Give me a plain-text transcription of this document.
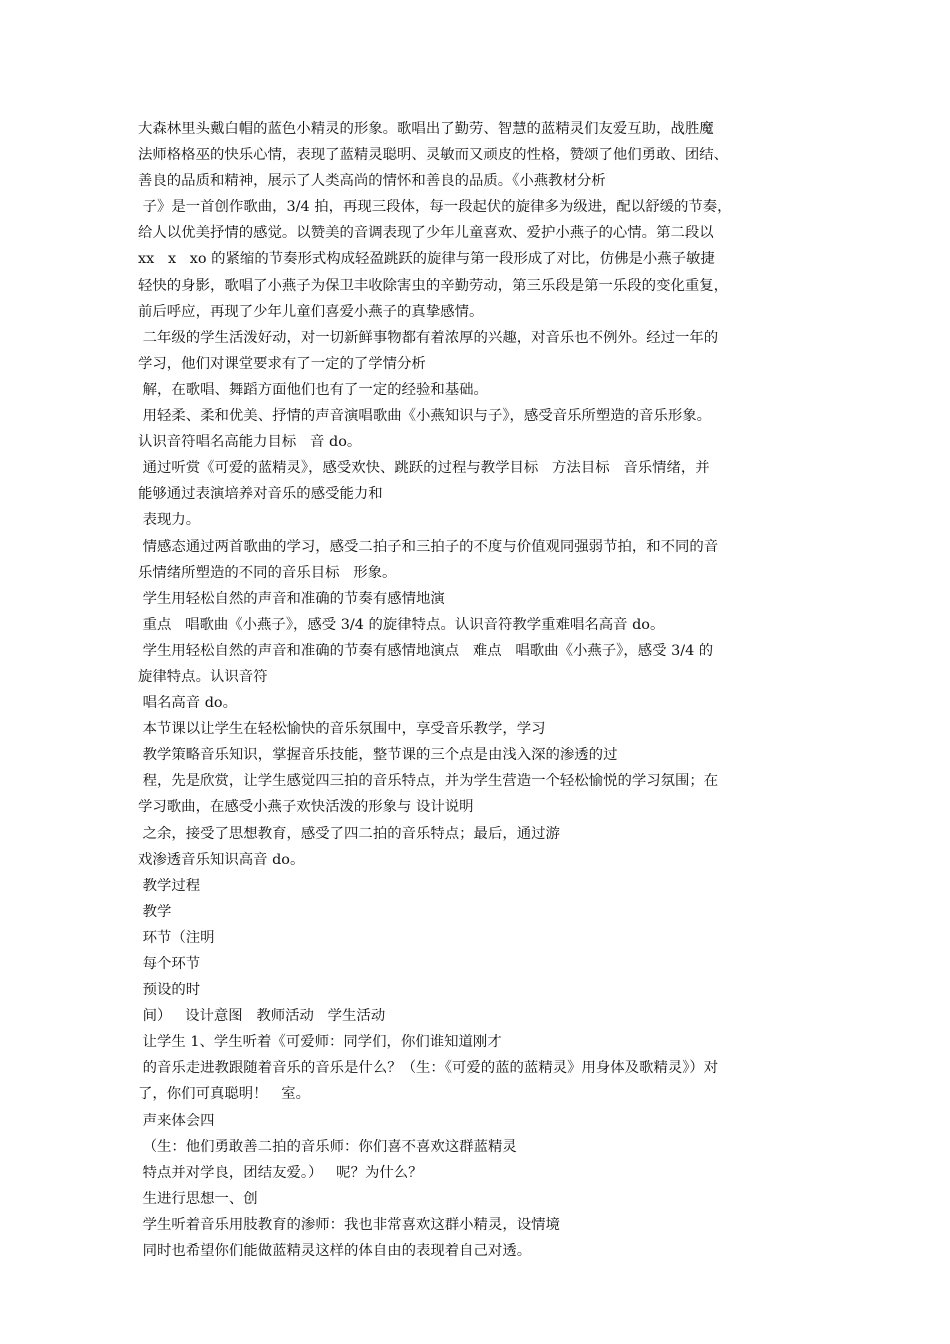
大森林里头戴白帽的蓝色小精灵的形象。歌唱出了勤劳、智慧的蓝精灵们友爱互助，战胜魔
法师格格巫的快乐心情，表现了蓝精灵聪明、灵敏而又顽皮的性格，赞颂了他们勇敢、团结、
善良的品质和精神，展示了人类高尚的情怀和善良的品质。《小燕教材分析
子》是一首创作歌曲，3/4 拍，再现三段体，每一段起伏的旋律多为级进，配以舒缓的节奏，
给人以优美抒情的感觉。以赞美的音调表现了少年儿童喜欢、爱护小燕子的心情。第二段以
xx   x   xo 的紧缩的节奏形式构成轻盈跳跃的旋律与第一段形成了对比，仿佛是小燕子敏捷
轻快的身影，歌唱了小燕子为保卫丰收除害虫的辛勤劳动，第三乐段是第一乐段的变化重复，
前后呼应，再现了少年儿童们喜爱小燕子的真挚感情。
二年级的学生活泼好动，对一切新鲜事物都有着浓厚的兴趣，对音乐也不例外。经过一年的
学习，他们对课堂要求有了一定的了学情分析
解，在歌唱、舞蹈方面他们也有了一定的经验和基础。
用轻柔、柔和优美、抒情的声音演唱歌曲《小燕知识与子》，感受音乐所塑造的音乐形象。
认识音符唱名高能力目标   音 do。
通过听赏《可爱的蓝精灵》，感受欢快、跳跃的过程与教学目标   方法目标   音乐情绪，并
能够通过表演培养对音乐的感受能力和
表现力。
情感态通过两首歌曲的学习，感受二拍子和三拍子的不度与价值观同强弱节拍，和不同的音
乐情绪所塑造的不同的音乐目标   形象。
学生用轻松自然的声音和准确的节奏有感情地演
重点   唱歌曲《小燕子》，感受 3/4 的旋律特点。认识音符教学重难唱名高音 do。
学生用轻松自然的声音和准确的节奏有感情地演点   难点   唱歌曲《小燕子》，感受 3/4 的
旋律特点。认识音符
唱名高音 do。
本节课以让学生在轻松愉快的音乐氛围中，享受音乐教学，学习
教学策略音乐知识，掌握音乐技能，整节课的三个点是由浅入深的渗透的过
程，先是欣赏，让学生感觉四三拍的音乐特点，并为学生营造一个轻松愉悦的学习氛围；在
学习歌曲，在感受小燕子欢快活泼的形象与 设计说明
之余，接受了思想教育，感受了四二拍的音乐特点；最后，通过游
戏渗透音乐知识高音 do。
教学过程
教学
环节（注明
每个环节
预设的时
间）   设计意图   教师活动   学生活动
让学生 1、学生听着《可爱师：同学们，你们谁知道刚才
的音乐走进教跟随着音乐的音乐是什么？（生：《可爱的蓝的蓝精灵》用身体及歌精灵》）对
了，你们可真聪明！   室。
声来体会四
（生：他们勇敢善二拍的音乐师：你们喜不喜欢这群蓝精灵
特点并对学良，团结友爱。）   呢？为什么？
生进行思想一、创
学生听着音乐用肢教育的渗师：我也非常喜欢这群小精灵，设情境
同时也希望你们能做蓝精灵这样的体自由的表现着自己对透。
